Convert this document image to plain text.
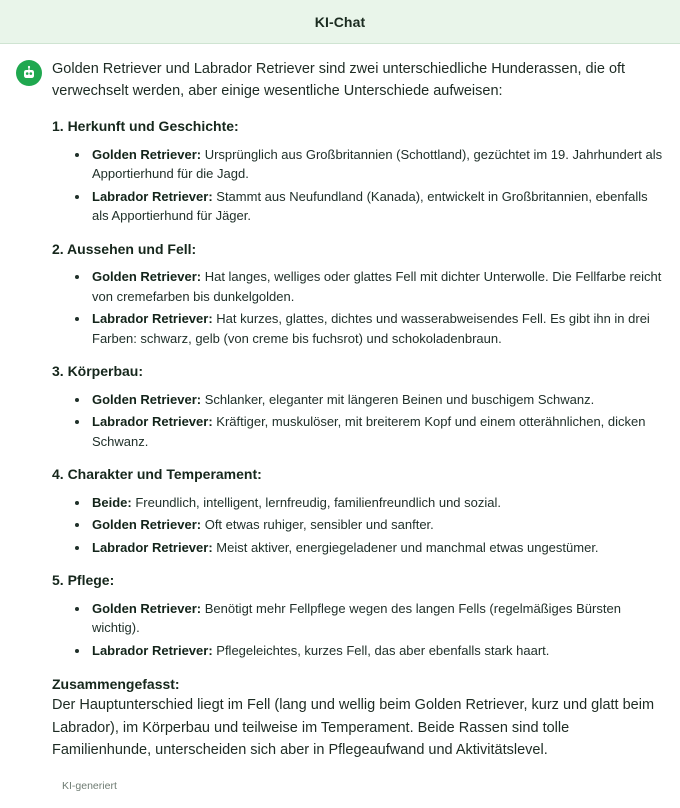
KI-Chat

Golden Retriever und Labrador Retriever sind zwei unterschiedliche Hunderassen, die oft verwechselt werden, aber einige wesentliche Unterschiede aufweisen:

1. Herkunft und Geschichte:
• Golden Retriever: Ursprünglich aus Großbritannien (Schottland), gezüchtet im 19. Jahrhundert als Apportierhund für die Jagd.
• Labrador Retriever: Stammt aus Neufundland (Kanada), entwickelt in Großbritannien, ebenfalls als Apportierhund für Jäger.
2. Aussehen und Fell:
• Golden Retriever: Hat langes, welliges oder glattes Fell mit dichter Unterwolle. Die Fellfarbe reicht von cremefarben bis dunkelgolden.
• Labrador Retriever: Hat kurzes, glattes, dichtes und wasserabweisendes Fell. Es gibt ihn in drei Farben: schwarz, gelb (von creme bis fuchsrot) und schokoladenbraun.
3. Körperbau:
• Golden Retriever: Schlanker, eleganter mit längeren Beinen und buschigem Schwanz.
• Labrador Retriever: Kräftiger, muskulöser, mit breiterem Kopf und einem otterähnlichen, dicken Schwanz.
4. Charakter und Temperament:
• Beide: Freundlich, intelligent, lernfreudig, familienfreundlich und sozial.
• Golden Retriever: Oft etwas ruhiger, sensibler und sanfter.
• Labrador Retriever: Meist aktiver, energiegeladener und manchmal etwas ungestümer.
5. Pflege:
• Golden Retriever: Benötigt mehr Fellpflege wegen des langen Fells (regelmäßiges Bürsten wichtig).
• Labrador Retriever: Pflegeleichtes, kurzes Fell, das aber ebenfalls stark haart.
Zusammengefasst:

Der Hauptunterschied liegt im Fell (lang und wellig beim Golden Retriever, kurz und glatt beim Labrador), im Körperbau und teilweise im Temperament. Beide Rassen sind tolle Familienhunde, unterscheiden sich aber in Pflegeaufwand und Aktivitätslevel.

KI-generiert
